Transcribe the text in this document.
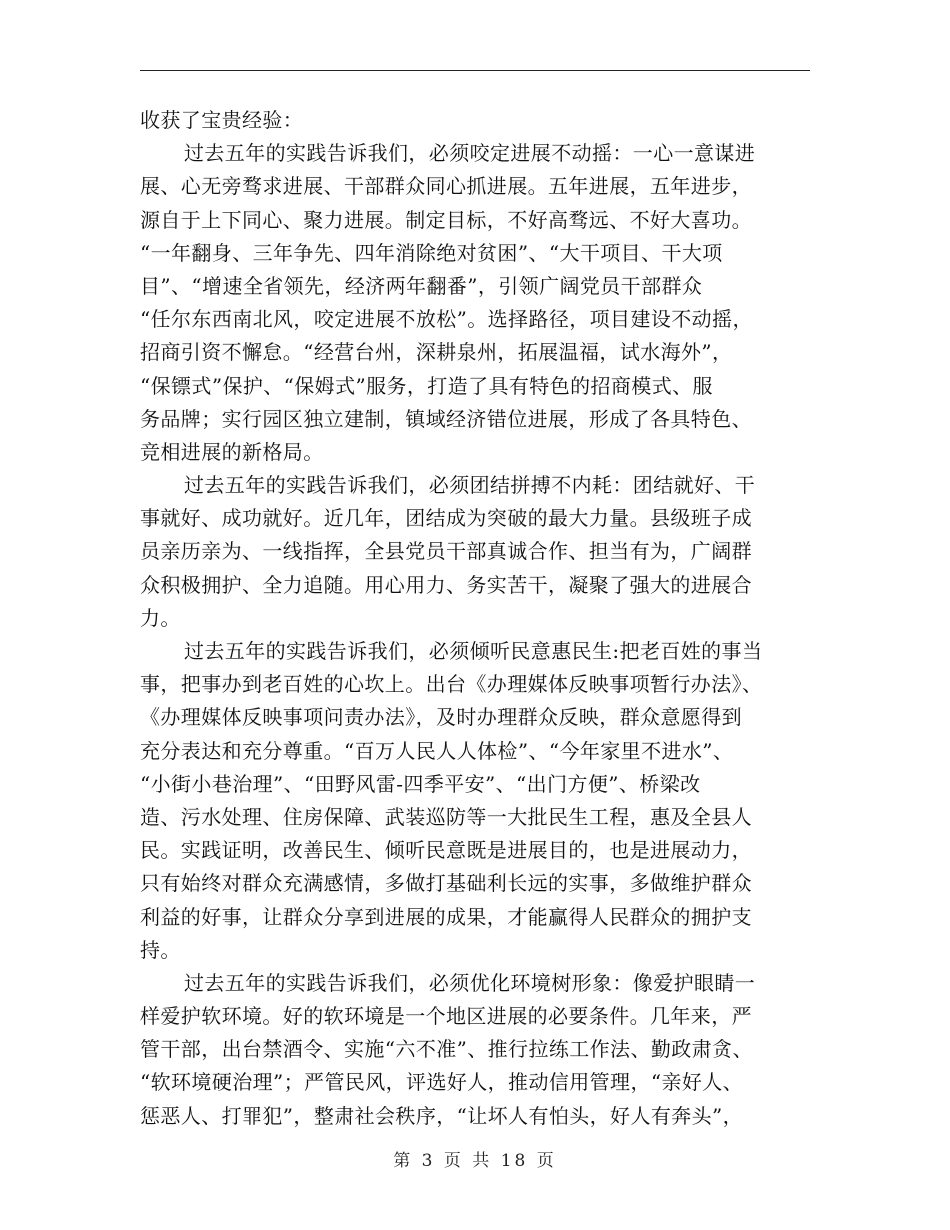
收获了宝贵经验：
过去五年的实践告诉我们，必须咬定进展不动摇：一心一意谋进
展、心无旁骛求进展、干部群众同心抓进展。五年进展，五年进步，
源自于上下同心、聚力进展。制定目标，不好高骛远、不好大喜功。
“一年翻身、三年争先、四年消除绝对贫困”、“大干项目、干大项
目”、“增速全省领先，经济两年翻番”，引领广阔党员干部群众
“任尔东西南北风，咬定进展不放松”。选择路径，项目建设不动摇，
招商引资不懈怠。“经营台州，深耕泉州，拓展温福，试水海外”，
“保镖式”保护、“保姆式”服务，打造了具有特色的招商模式、服
务品牌；实行园区独立建制，镇域经济错位进展，形成了各具特色、
竞相进展的新格局。
过去五年的实践告诉我们，必须团结拼搏不内耗：团结就好、干
事就好、成功就好。近几年，团结成为突破的最大力量。县级班子成
员亲历亲为、一线指挥，全县党员干部真诚合作、担当有为，广阔群
众积极拥护、全力追随。用心用力、务实苦干，凝聚了强大的进展合
力。
过去五年的实践告诉我们，必须倾听民意惠民生:把老百姓的事当
事，把事办到老百姓的心坎上。出台《办理媒体反映事项暂行办法》、
《办理媒体反映事项问责办法》，及时办理群众反映，群众意愿得到
充分表达和充分尊重。“百万人民人人体检”、“今年家里不进水”、
“小街小巷治理”、“田野风雷-四季平安”、“出门方便”、桥梁改
造、污水处理、住房保障、武装巡防等一大批民生工程，惠及全县人
民。实践证明，改善民生、倾听民意既是进展目的，也是进展动力，
只有始终对群众充满感情，多做打基础利长远的实事，多做维护群众
利益的好事，让群众分享到进展的成果，才能赢得人民群众的拥护支
持。
过去五年的实践告诉我们，必须优化环境树形象：像爱护眼睛一
样爱护软环境。好的软环境是一个地区进展的必要条件。几年来，严
管干部，出台禁酒令、实施“六不准”、推行拉练工作法、勤政肃贪、
“软环境硬治理”；严管民风，评选好人，推动信用管理，“亲好人、
惩恶人、打罪犯”，整肃社会秩序，“让坏人有怕头，好人有奔头”，
第 3 页 共 18 页
